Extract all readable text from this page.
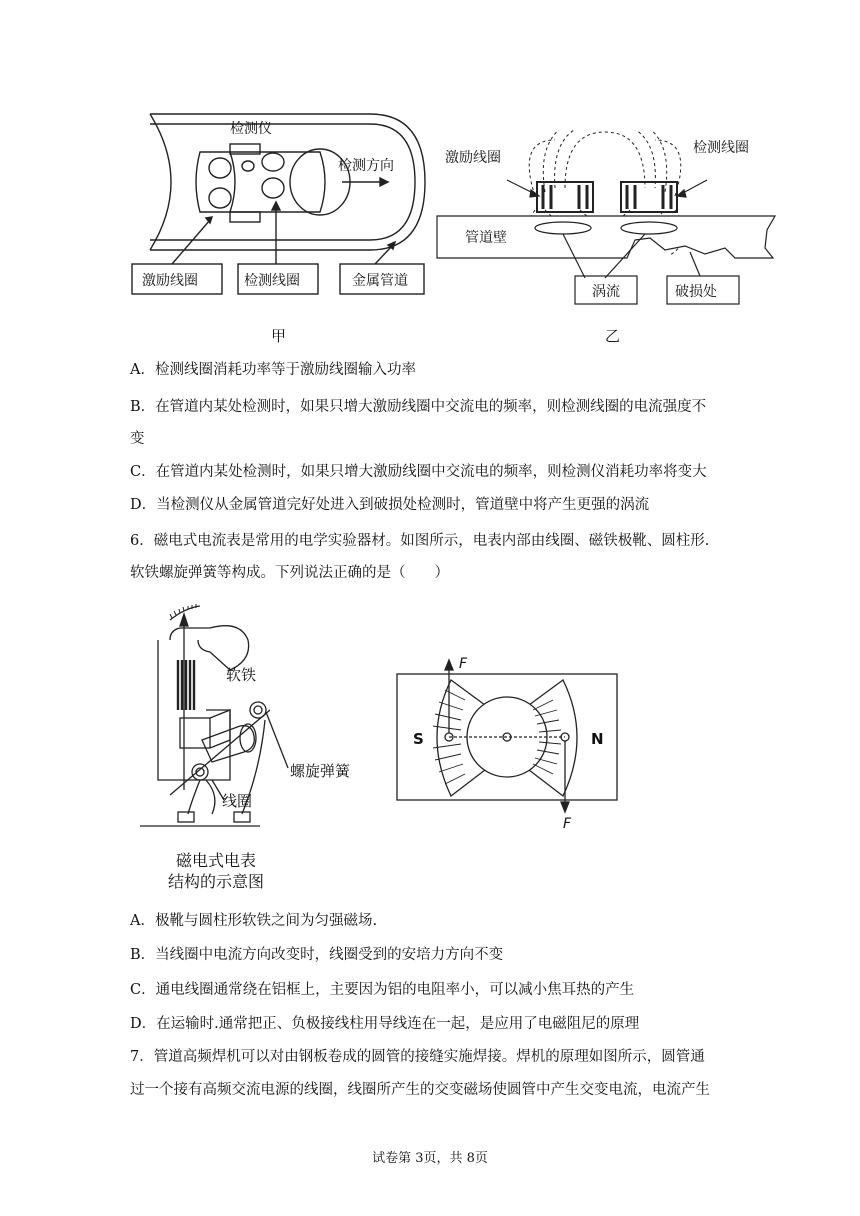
检测仪
检测方向
激励线圈	检测线圈	金属管道
甲
激励线圈
检测线圈
管道壁
涡流	破损处
乙
A．检测线圈消耗功率等于激励线圈输入功率
B．在管道内某处检测时，如果只增大激励线圈中交流电的频率，则检测线圈的电流强度不
变
C．在管道内某处检测时，如果只增大激励线圈中交流电的频率，则检测仪消耗功率将变大
D．当检测仪从金属管道完好处进入到破损处检测时，管道壁中将产生更强的涡流
6．磁电式电流表是常用的电学实验器材。如图所示，电表内部由线圈、磁铁极靴、圆柱形.
软铁螺旋弹簧等构成。下列说法正确的是（　　）
软铁
螺旋弹簧
线圈
磁电式电表
结构的示意图
S	N
F
F
A．极靴与圆柱形软铁之间为匀强磁场.
B．当线圈中电流方向改变时，线圈受到的安培力方向不变
C．通电线圈通常绕在铝框上，主要因为铝的电阻率小，可以减小焦耳热的产生
D．在运输时.通常把正、负极接线柱用导线连在一起，是应用了电磁阻尼的原理
7．管道高频焊机可以对由钢板卷成的圆管的接缝实施焊接。焊机的原理如图所示，圆管通
过一个接有高频交流电源的线圈，线圈所产生的交变磁场使圆管中产生交变电流，电流产生
试卷第 3页，共 8页
